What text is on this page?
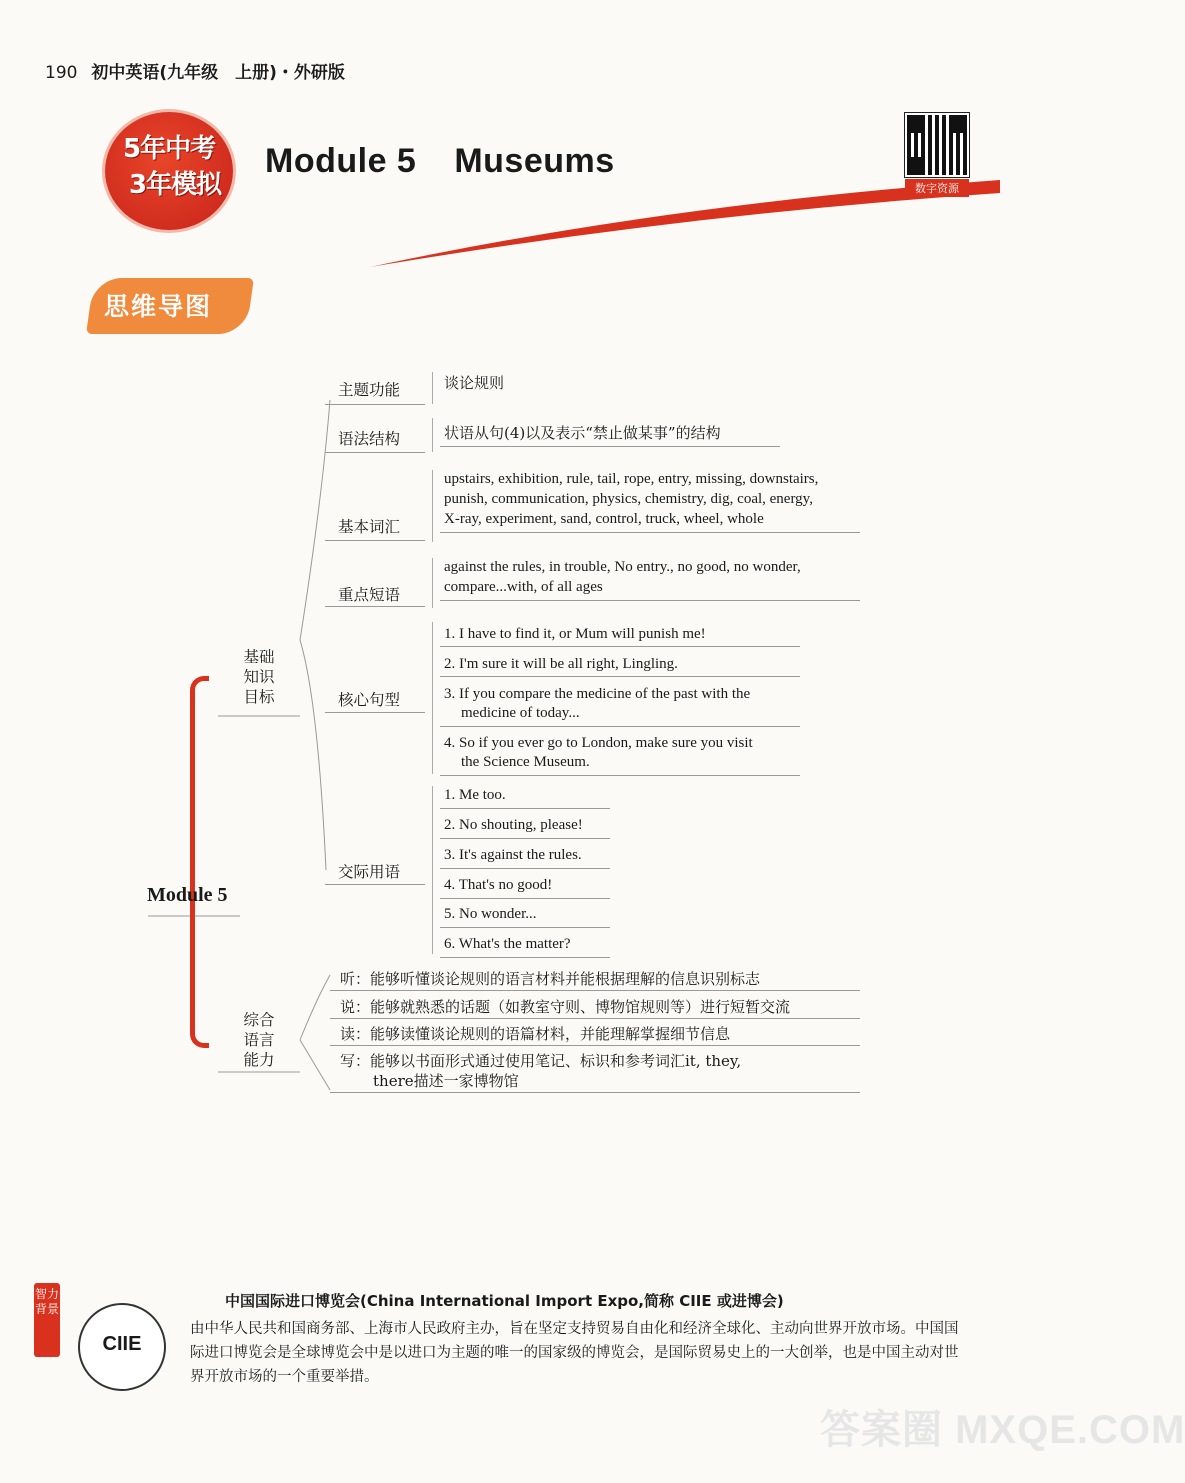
190 初中英语(九年级　上册)・外研版
5年中考
3年模拟
Module 5 Museums
数字资源
思维导图
Module 5
基础知识目标
综合语言能力
主题功能	谈论规则
语法结构	状语从句(4)以及表示“禁止做某事”的结构
基本词汇
upstairs, exhibition, rule, tail, rope, entry, missing, downstairs,
punish, communication, physics, chemistry, dig, coal, energy,
X-ray, experiment, sand, control, truck, wheel, whole
重点短语
against the rules, in trouble, No entry., no good, no wonder,
compare...with, of all ages
核心句型
1. I have to find it, or Mum will punish me!
2. I'm sure it will be all right, Lingling.
3. If you compare the medicine of the past with the
medicine of today...
4. So if you ever go to London, make sure you visit
the Science Museum.
交际用语
1. Me too.
2. No shouting, please!
3. It's against the rules.
4. That's no good!
5. No wonder...
6. What's the matter?
听：能够听懂谈论规则的语言材料并能根据理解的信息识别标志
说：能够就熟悉的话题（如教室守则、博物馆规则等）进行短暂交流
读：能够读懂谈论规则的语篇材料，并能理解掌握细节信息
写：能够以书面形式通过使用笔记、标识和参考词汇it, they,
there描述一家博物馆
智力背景
CIIE
中国国际进口博览会(China International Import Expo,简称 CIIE 或进博会)
由中华人民共和国商务部、上海市人民政府主办，旨在坚定支持贸易自由化和经济全球化、主动向世界开放市场。中国国际进口博览会是全球博览会中是以进口为主题的唯一的国家级的博览会，是国际贸易史上的一大创举，也是中国主动对世界开放市场的一个重要举措。
答案圈 MXQE.COM
